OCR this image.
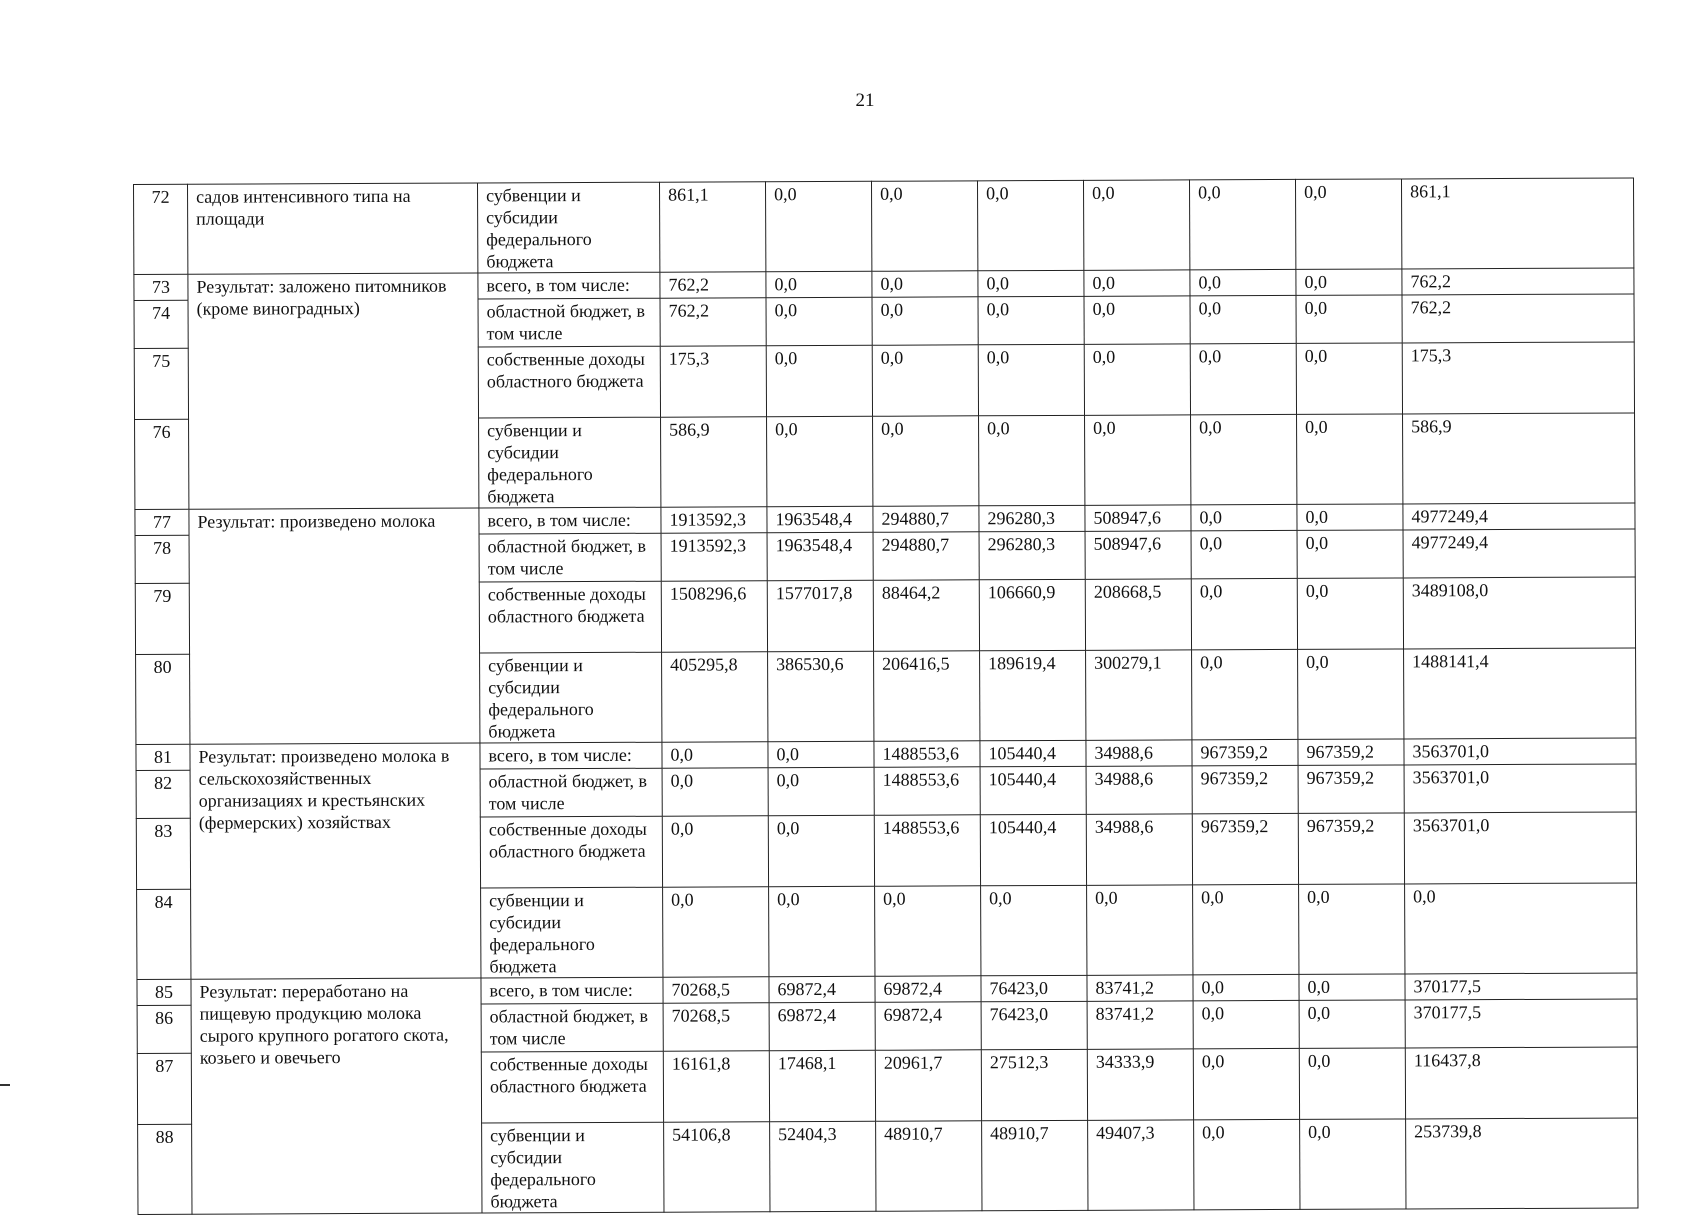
21
72	садов интенсивного типа на площади	субвенции и субсидии федерального бюджета	861,1	0,0	0,0	0,0	0,0	0,0	0,0	861,1
73	Результат: заложено питомников (кроме виноградных)	всего, в том числе:	762,2	0,0	0,0	0,0	0,0	0,0	0,0	762,2
74		областной бюджет, в том числе	762,2	0,0	0,0	0,0	0,0	0,0	0,0	762,2
75		собственные доходы областного бюджета	175,3	0,0	0,0	0,0	0,0	0,0	0,0	175,3
76		субвенции и субсидии федерального бюджета	586,9	0,0	0,0	0,0	0,0	0,0	0,0	586,9
77	Результат: произведено молока	всего, в том числе:	1913592,3	1963548,4	294880,7	296280,3	508947,6	0,0	0,0	4977249,4
78		областной бюджет, в том числе	1913592,3	1963548,4	294880,7	296280,3	508947,6	0,0	0,0	4977249,4
79		собственные доходы областного бюджета	1508296,6	1577017,8	88464,2	106660,9	208668,5	0,0	0,0	3489108,0
80		субвенции и субсидии федерального бюджета	405295,8	386530,6	206416,5	189619,4	300279,1	0,0	0,0	1488141,4
81	Результат: произведено молока в сельскохозяйственных организациях и крестьянских (фермерских) хозяйствах	всего, в том числе:	0,0	0,0	1488553,6	105440,4	34988,6	967359,2	967359,2	3563701,0
82		областной бюджет, в том числе	0,0	0,0	1488553,6	105440,4	34988,6	967359,2	967359,2	3563701,0
83		собственные доходы областного бюджета	0,0	0,0	1488553,6	105440,4	34988,6	967359,2	967359,2	3563701,0
84		субвенции и субсидии федерального бюджета	0,0	0,0	0,0	0,0	0,0	0,0	0,0	0,0
85	Результат: переработано на пищевую продукцию молока сырого крупного рогатого скота, козьего и овечьего	всего, в том числе:	70268,5	69872,4	69872,4	76423,0	83741,2	0,0	0,0	370177,5
86		областной бюджет, в том числе	70268,5	69872,4	69872,4	76423,0	83741,2	0,0	0,0	370177,5
87		собственные доходы областного бюджета	16161,8	17468,1	20961,7	27512,3	34333,9	0,0	0,0	116437,8
88		субвенции и субсидии федерального бюджета	54106,8	52404,3	48910,7	48910,7	49407,3	0,0	0,0	253739,8
